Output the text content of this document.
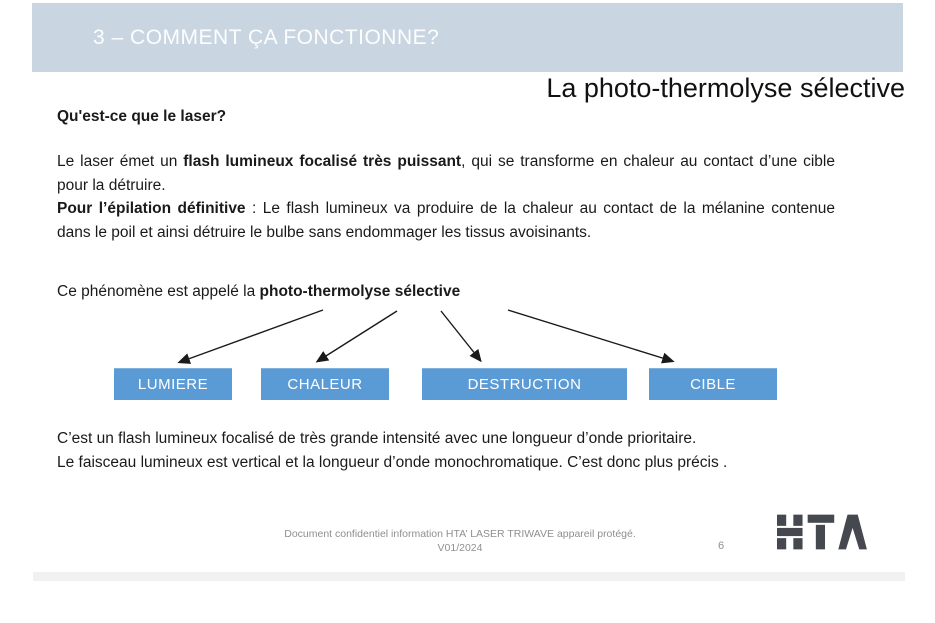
3 – COMMENT ÇA FONCTIONNE?
La photo-thermolyse sélective
Qu'est-ce que le laser?

Le laser émet un flash lumineux focalisé très puissant, qui se transforme en chaleur au contact d’une cible pour la détruire.

Pour l’épilation définitive : Le flash lumineux va produire de la chaleur au contact de la mélanine contenue dans le poil et ainsi détruire le bulbe sans endommager les tissus avoisinants.

Ce phénomène est appelé la photo-thermolyse sélective
LUMIERE	CHALEUR	DESTRUCTION	CIBLE

C’est un flash lumineux focalisé de très grande intensité avec une longueur d’onde prioritaire.

Le faisceau lumineux est vertical et la longueur d’onde monochromatique. C’est donc plus précis .

Document confidentiel information HTA’ LASER TRIWAVE appareil protégé.
V01/2024	6
